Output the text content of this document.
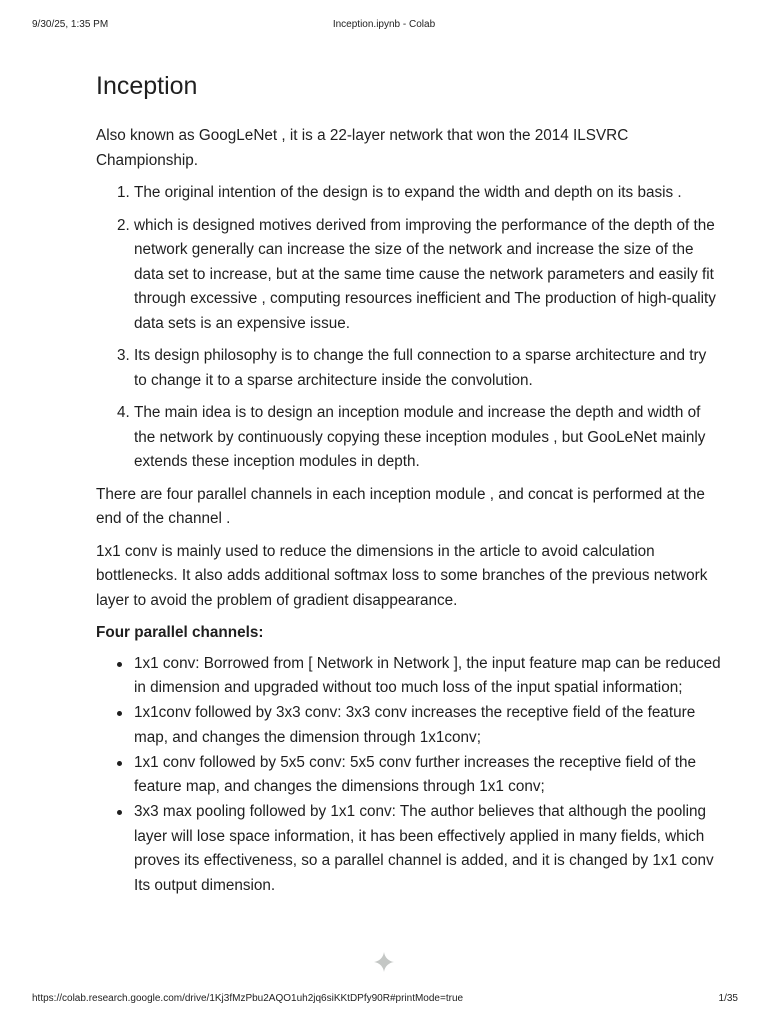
9/30/25, 1:35 PM	Inception.ipynb - Colab
Inception

Also known as GoogLeNet , it is a 22-layer network that won the 2014 ILSVRC Championship.

1. The original intention of the design is to expand the width and depth on its basis .
2. which is designed motives derived from improving the performance of the depth of the network generally can increase the size of the network and increase the size of the data set to increase, but at the same time cause the network parameters and easily fit through excessive , computing resources inefficient and The production of high-quality data sets is an expensive issue.
3. Its design philosophy is to change the full connection to a sparse architecture and try to change it to a sparse architecture inside the convolution.
4. The main idea is to design an inception module and increase the depth and width of the network by continuously copying these inception modules , but GooLeNet mainly extends these inception modules in depth.

There are four parallel channels in each inception module , and concat is performed at the end of the channel .

1x1 conv is mainly used to reduce the dimensions in the article to avoid calculation bottlenecks. It also adds additional softmax loss to some branches of the previous network layer to avoid the problem of gradient disappearance.

Four parallel channels:
1x1 conv: Borrowed from [ Network in Network ], the input feature map can be reduced in dimension and upgraded without too much loss of the input spatial information;
1x1conv followed by 3x3 conv: 3x3 conv increases the receptive field of the feature map, and changes the dimension through 1x1conv;
1x1 conv followed by 5x5 conv: 5x5 conv further increases the receptive field of the feature map, and changes the dimensions through 1x1 conv;
3x3 max pooling followed by 1x1 conv: The author believes that although the pooling layer will lose space information, it has been effectively applied in many fields, which proves its effectiveness, so a parallel channel is added, and it is changed by 1x1 conv Its output dimension.
https://colab.research.google.com/drive/1Kj3fMzPbu2AQO1uh2jq6siKKtDPfy90R#printMode=true	1/35
